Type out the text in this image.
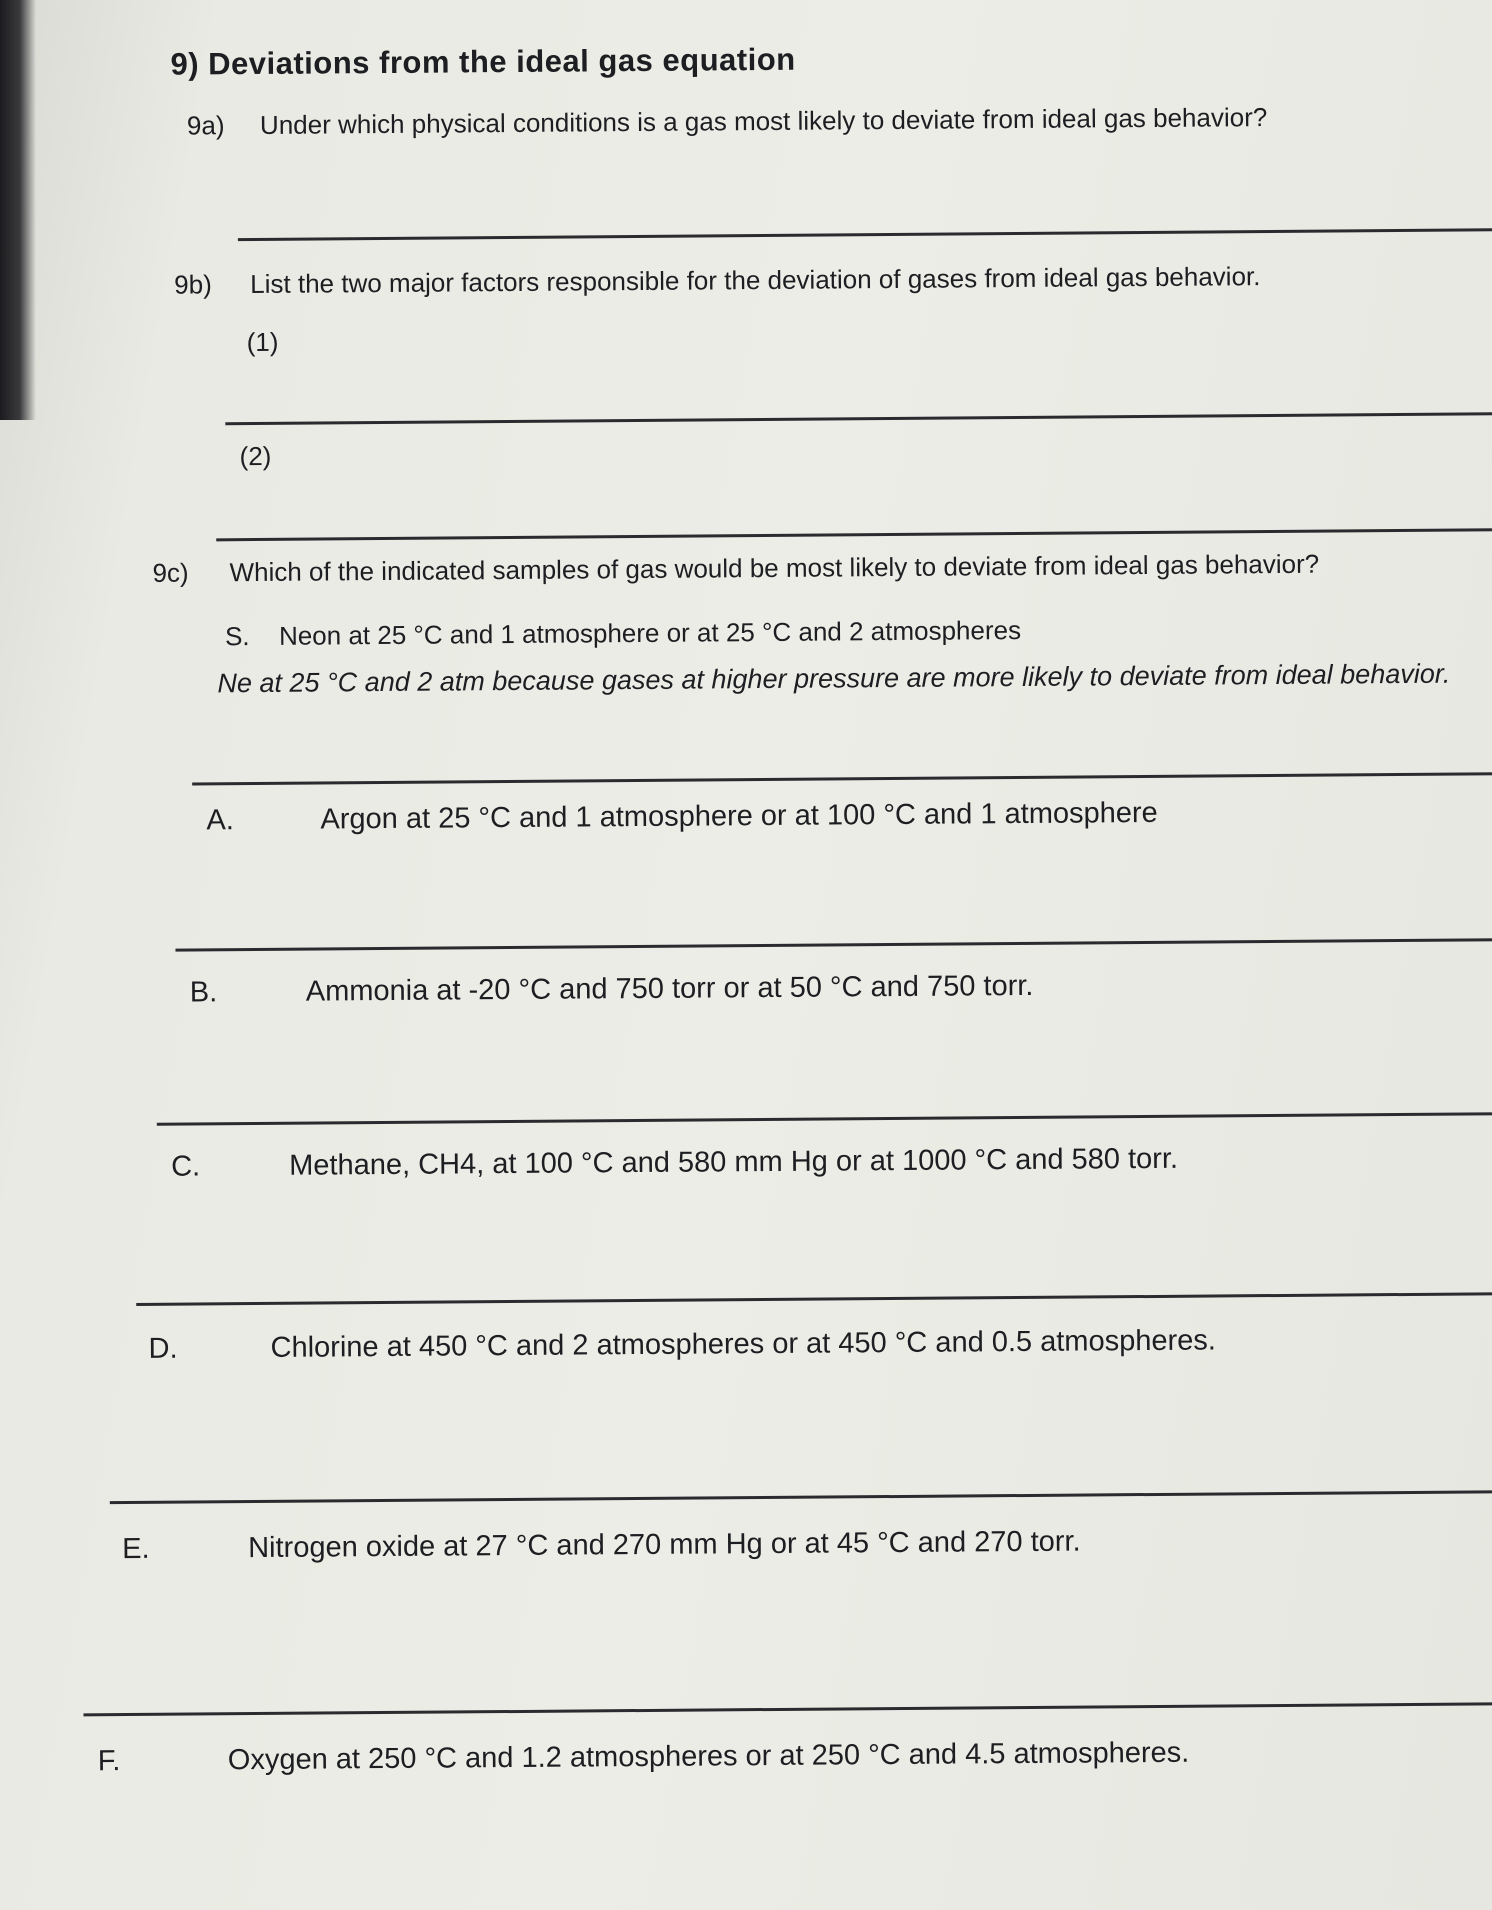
9) Deviations from the ideal gas equation
9a) Under which physical conditions is a gas most likely to deviate from ideal gas behavior?
9b) List the two major factors responsible for the deviation of gases from ideal gas behavior.
(1)
(2)
9c) Which of the indicated samples of gas would be most likely to deviate from ideal gas behavior?
S. Neon at 25 °C and 1 atmosphere or at 25 °C and 2 atmospheres
Ne at 25 °C and 2 atm because gases at higher pressure are more likely to deviate from ideal behavior.
A.	Argon at 25 °C and 1 atmosphere or at 100 °C and 1 atmosphere
B.	Ammonia at -20 °C and 750 torr or at 50 °C and 750 torr.
C.	Methane, CH4, at 100 °C and 580 mm Hg or at 1000 °C and 580 torr.
D.	Chlorine at 450 °C and 2 atmospheres or at 450 °C and 0.5 atmospheres.
E.	Nitrogen oxide at 27 °C and 270 mm Hg or at 45 °C and 270 torr.
F.	Oxygen at 250 °C and 1.2 atmospheres or at 250 °C and 4.5 atmospheres.
